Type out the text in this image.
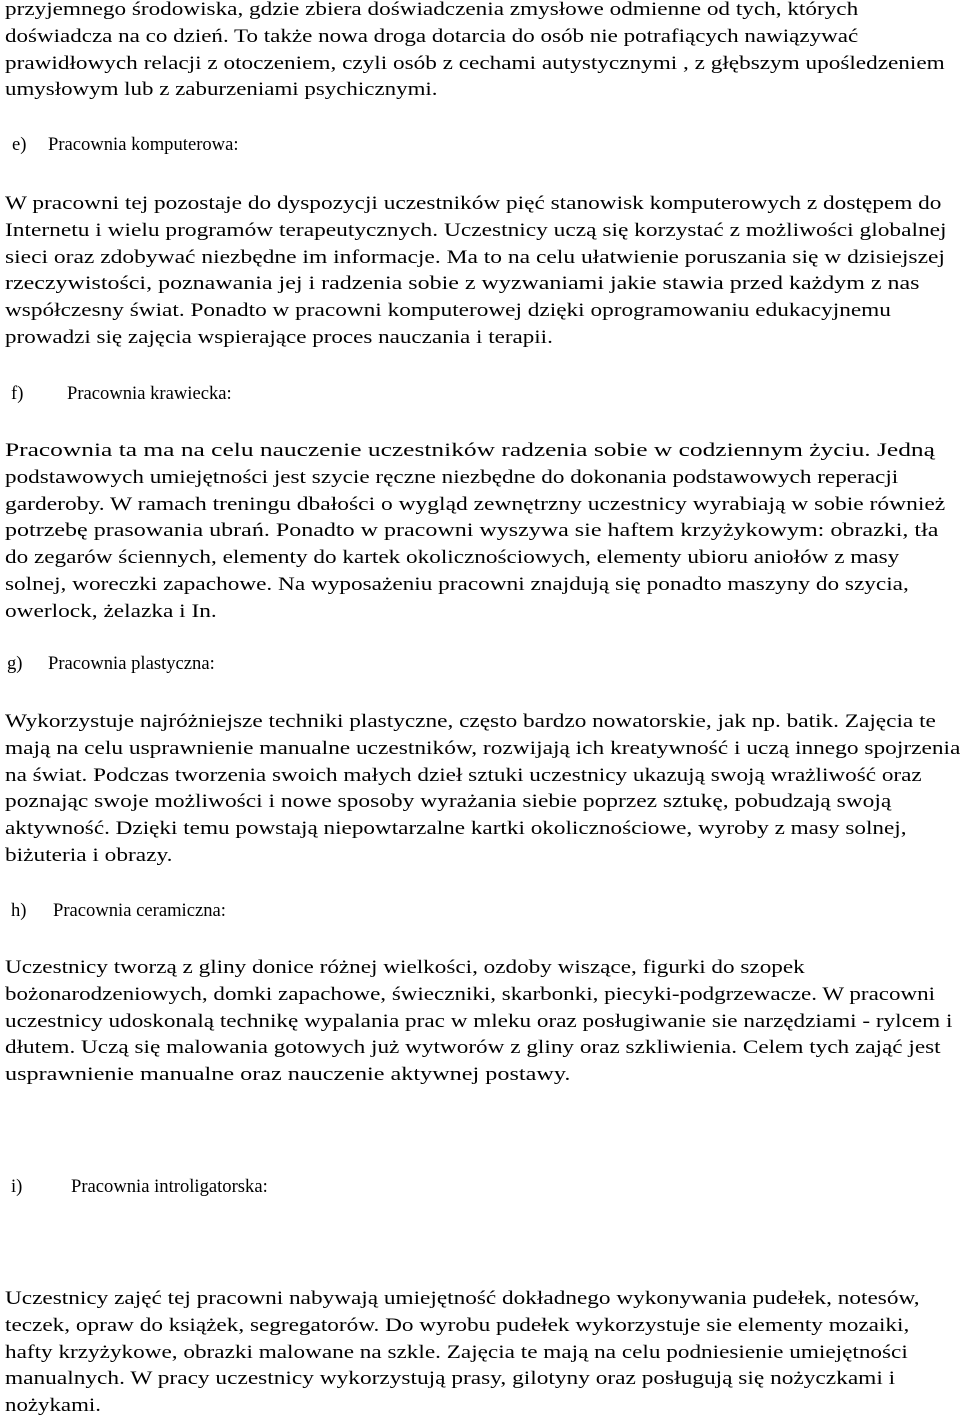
przyjemnego środowiska, gdzie zbiera doświadczenia zmysłowe odmienne od tych, których
doświadcza na co dzień. To także nowa droga dotarcia do osób nie potrafiących nawiązywać
prawidłowych relacji z otoczeniem, czyli osób z cechami autystycznymi , z głębszym upośledzeniem
umysłowym lub z zaburzeniami psychicznymi.
e) Pracownia komputerowa:
W pracowni tej pozostaje do dyspozycji uczestników pięć stanowisk komputerowych z dostępem do
Internetu i wielu programów terapeutycznych. Uczestnicy uczą się korzystać z możliwości globalnej
sieci oraz zdobywać niezbędne im informacje. Ma to na celu ułatwienie poruszania się w dzisiejszej
rzeczywistości, poznawania jej i radzenia sobie z wyzwaniami jakie stawia przed każdym z nas
współczesny świat. Ponadto w pracowni komputerowej dzięki oprogramowaniu edukacyjnemu
prowadzi się zajęcia wspierające proces nauczania i terapii.
f) Pracownia krawiecka:
Pracownia ta ma na celu nauczenie uczestników radzenia sobie w codziennym życiu. Jedną
podstawowych umiejętności jest szycie ręczne niezbędne do dokonania podstawowych reperacji
garderoby. W ramach treningu dbałości o wygląd zewnętrzny uczestnicy wyrabiają w sobie również
potrzebę prasowania ubrań. Ponadto w pracowni wyszywa sie haftem krzyżykowym: obrazki, tła
do zegarów ściennych, elementy do kartek okolicznościowych, elementy ubioru aniołów z masy
solnej, woreczki zapachowe. Na wyposażeniu pracowni znajdują się ponadto maszyny do szycia,
owerlock, żelazka i In.
g) Pracownia plastyczna:
Wykorzystuje najróżniejsze techniki plastyczne, często bardzo nowatorskie, jak np. batik. Zajęcia te
mają na celu usprawnienie manualne uczestników, rozwijają ich kreatywność i uczą innego spojrzenia
na świat. Podczas tworzenia swoich małych dzieł sztuki uczestnicy ukazują swoją wrażliwość oraz
poznając swoje możliwości i nowe sposoby wyrażania siebie poprzez sztukę, pobudzają swoją
aktywność. Dzięki temu powstają niepowtarzalne kartki okolicznościowe, wyroby z masy solnej,
biżuteria i obrazy.
h) Pracownia ceramiczna:
Uczestnicy tworzą z gliny donice różnej wielkości, ozdoby wiszące, figurki do szopek
bożonarodzeniowych, domki zapachowe, świeczniki, skarbonki, piecyki-podgrzewacze. W pracowni
uczestnicy udoskonalą technikę wypalania prac w mleku oraz posługiwanie sie narzędziami - rylcem i
dłutem. Uczą się malowania gotowych już wytworów z gliny oraz szkliwienia. Celem tych zająć jest
usprawnienie manualne oraz nauczenie aktywnej postawy.
i)	Pracownia introligatorska:
Uczestnicy zajęć tej pracowni nabywają umiejętność dokładnego wykonywania pudełek, notesów,
teczek, opraw do książek, segregatorów. Do wyrobu pudełek wykorzystuje sie elementy mozaiki,
hafty krzyżykowe, obrazki malowane na szkle. Zajęcia te mają na celu podniesienie umiejętności
manualnych. W pracy uczestnicy wykorzystują prasy, gilotyny oraz posługują się nożyczkami i
nożykami.
